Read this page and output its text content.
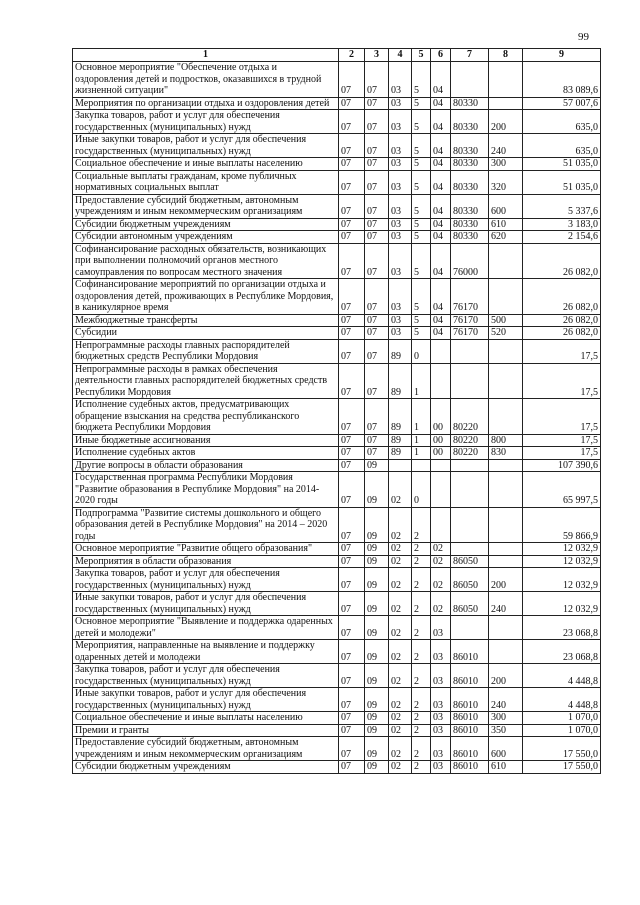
99
1	2	3	4	5	6	7	8	9
Основное мероприятие "Обеспечение отдыха и оздоровления детей и подростков, оказавшихся в трудной жизненной ситуации"	07	07	03	5	04			83 089,6
Мероприятия по организации отдыха и оздоровления детей	07	07	03	5	04	80330		57 007,6
Закупка товаров, работ и услуг для обеспечения государственных (муниципальных) нужд	07	07	03	5	04	80330	200	635,0
Иные закупки товаров, работ и услуг для обеспечения государственных (муниципальных) нужд	07	07	03	5	04	80330	240	635,0
Социальное обеспечение и иные выплаты населению	07	07	03	5	04	80330	300	51 035,0
Социальные выплаты гражданам, кроме публичных нормативных социальных выплат	07	07	03	5	04	80330	320	51 035,0
Предоставление субсидий бюджетным, автономным учреждениям и иным некоммерческим организациям	07	07	03	5	04	80330	600	5 337,6
Субсидии бюджетным учреждениям	07	07	03	5	04	80330	610	3 183,0
Субсидии автономным учреждениям	07	07	03	5	04	80330	620	2 154,6
Софинансирование расходных обязательств, возникающих при выполнении полномочий органов местного самоуправления по вопросам местного значения	07	07	03	5	04	76000		26 082,0
Софинансирование мероприятий по организации отдыха и оздоровления детей, проживающих в Республике Мордовия, в каникулярное время	07	07	03	5	04	76170		26 082,0
Межбюджетные трансферты	07	07	03	5	04	76170	500	26 082,0
Субсидии	07	07	03	5	04	76170	520	26 082,0
Непрограммные расходы главных распорядителей бюджетных средств Республики Мордовия	07	07	89	0				17,5
Непрограммные расходы в рамках обеспечения деятельности главных распорядителей бюджетных средств Республики Мордовия	07	07	89	1				17,5
Исполнение судебных актов, предусматривающих обращение взыскания на средства республиканского бюджета Республики Мордовия	07	07	89	1	00	80220		17,5
Иные бюджетные ассигнования	07	07	89	1	00	80220	800	17,5
Исполнение судебных актов	07	07	89	1	00	80220	830	17,5
Другие вопросы в области образования	07	09						107 390,6
Государственная программа Республики Мордовия "Развитие образования в Республике Мордовия" на 2014-2020 годы	07	09	02	0				65 997,5
Подпрограмма "Развитие системы дошкольного и общего образования детей в Республике Мордовия" на 2014 – 2020 годы	07	09	02	2				59 866,9
Основное мероприятие "Развитие общего образования"	07	09	02	2	02			12 032,9
Мероприятия в области образования	07	09	02	2	02	86050		12 032,9
Закупка товаров, работ и услуг для обеспечения государственных (муниципальных) нужд	07	09	02	2	02	86050	200	12 032,9
Иные закупки товаров, работ и услуг для обеспечения государственных (муниципальных) нужд	07	09	02	2	02	86050	240	12 032,9
Основное мероприятие "Выявление и поддержка одаренных детей и молодежи"	07	09	02	2	03			23 068,8
Мероприятия, направленные на выявление и поддержку одаренных детей и молодежи	07	09	02	2	03	86010		23 068,8
Закупка товаров, работ и услуг для обеспечения государственных (муниципальных) нужд	07	09	02	2	03	86010	200	4 448,8
Иные закупки товаров, работ и услуг для обеспечения государственных (муниципальных) нужд	07	09	02	2	03	86010	240	4 448,8
Социальное обеспечение и иные выплаты населению	07	09	02	2	03	86010	300	1 070,0
Премии и гранты	07	09	02	2	03	86010	350	1 070,0
Предоставление субсидий бюджетным, автономным учреждениям и иным некоммерческим организациям	07	09	02	2	03	86010	600	17 550,0
Субсидии бюджетным учреждениям	07	09	02	2	03	86010	610	17 550,0
